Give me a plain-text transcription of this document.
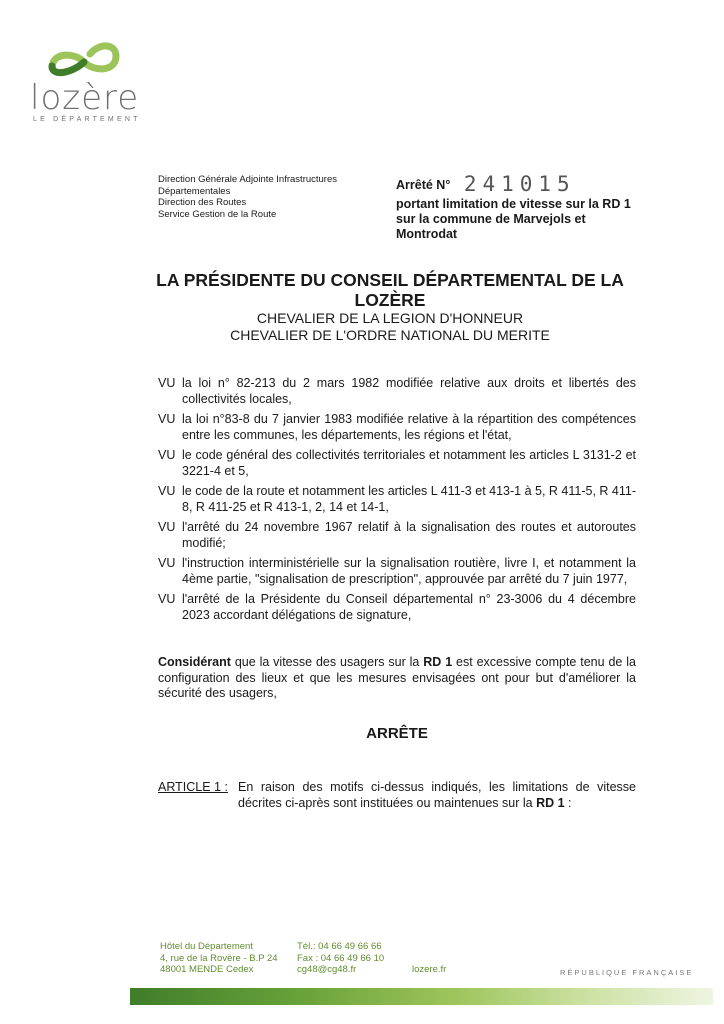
lozère
LE DÉPARTEMENT
Direction Générale Adjointe Infrastructures
Départementales
Direction des Routes
Service Gestion de la Route
Arrêté N° 241015
portant limitation de vitesse sur la RD 1 sur la commune de Marvejols et Montrodat
LA PRÉSIDENTE DU CONSEIL DÉPARTEMENTAL DE LA LOZÈRE
CHEVALIER DE LA LEGION D'HONNEUR
CHEVALIER DE L'ORDRE NATIONAL DU MERITE
VU la loi n° 82-213 du 2 mars 1982 modifiée relative aux droits et libertés des collectivités locales,
VU la loi n°83-8 du 7 janvier 1983 modifiée relative à la répartition des compétences entre les communes, les départements, les régions et l'état,
VU le code général des collectivités territoriales et notamment les articles L 3131-2 et 3221-4 et 5,
VU le code de la route et notamment les articles L 411-3 et 413-1 à 5, R 411-5, R 411-8, R 411-25 et R 413-1, 2, 14 et 14-1,
VU l'arrêté du 24 novembre 1967 relatif à la signalisation des routes et autoroutes modifié;
VU l'instruction interministérielle sur la signalisation routière, livre I, et notamment la 4ème partie, "signalisation de prescription", approuvée par arrêté du 7 juin 1977,
VU l'arrêté de la Présidente du Conseil départemental n° 23-3006 du 4 décembre 2023 accordant délégations de signature,
Considérant que la vitesse des usagers sur la RD 1 est excessive compte tenu de la configuration des lieux et que les mesures envisagées ont pour but d'améliorer la sécurité des usagers,
ARRÊTE
ARTICLE 1 : En raison des motifs ci-dessus indiqués, les limitations de vitesse décrites ci-après sont instituées ou maintenues sur la RD 1 :
Hôtel du Département
4, rue de la Rovère - B.P 24
48001 MENDE Cedex
Tél.: 04 66 49 66 66
Fax : 04 66 49 66 10
cg48@cg48.fr	lozere.fr	RÉPUBLIQUE FRANÇAISE
